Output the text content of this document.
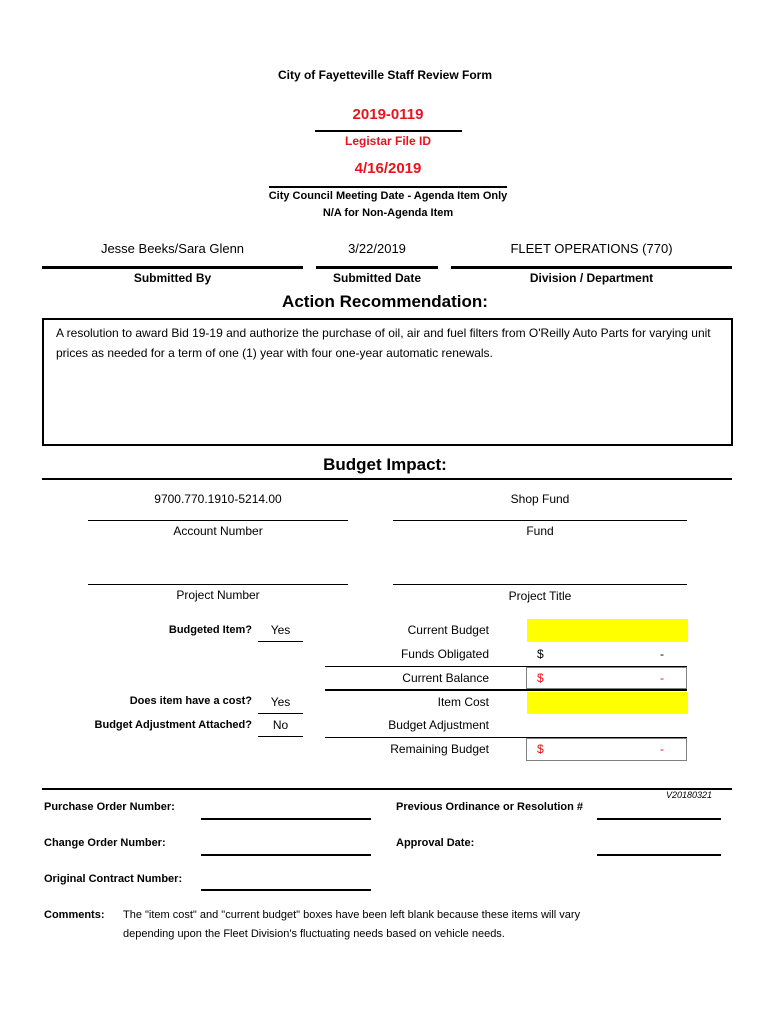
City of Fayetteville Staff Review Form
2019-0119
Legistar File ID
4/16/2019
City Council Meeting Date - Agenda Item Only
N/A for Non-Agenda Item
Jesse Beeks/Sara Glenn
Submitted By
3/22/2019
Submitted Date
FLEET OPERATIONS (770)
Division / Department
Action Recommendation:
A resolution to award Bid 19-19 and authorize the purchase of oil, air and fuel filters from O'Reilly Auto Parts for varying unit prices as needed for a term of one (1) year with four one-year automatic renewals.
Budget Impact:
9700.770.1910-5214.00
Account Number
Shop Fund
Fund
Project Number	Project Title
Budgeted Item?	Yes
Does item have a cost?	Yes
Budget Adjustment Attached?	No
Current Budget
Funds Obligated	$	-
Current Balance	$	-
Item Cost
Budget Adjustment
Remaining Budget	$	-
V20180321
Purchase Order Number:	Previous Ordinance or Resolution #
Change Order Number:	Approval Date:
Original Contract Number:
Comments: The "item cost" and "current budget" boxes have been left blank because these items will vary
depending upon the Fleet Division's fluctuating needs based on vehicle needs.
